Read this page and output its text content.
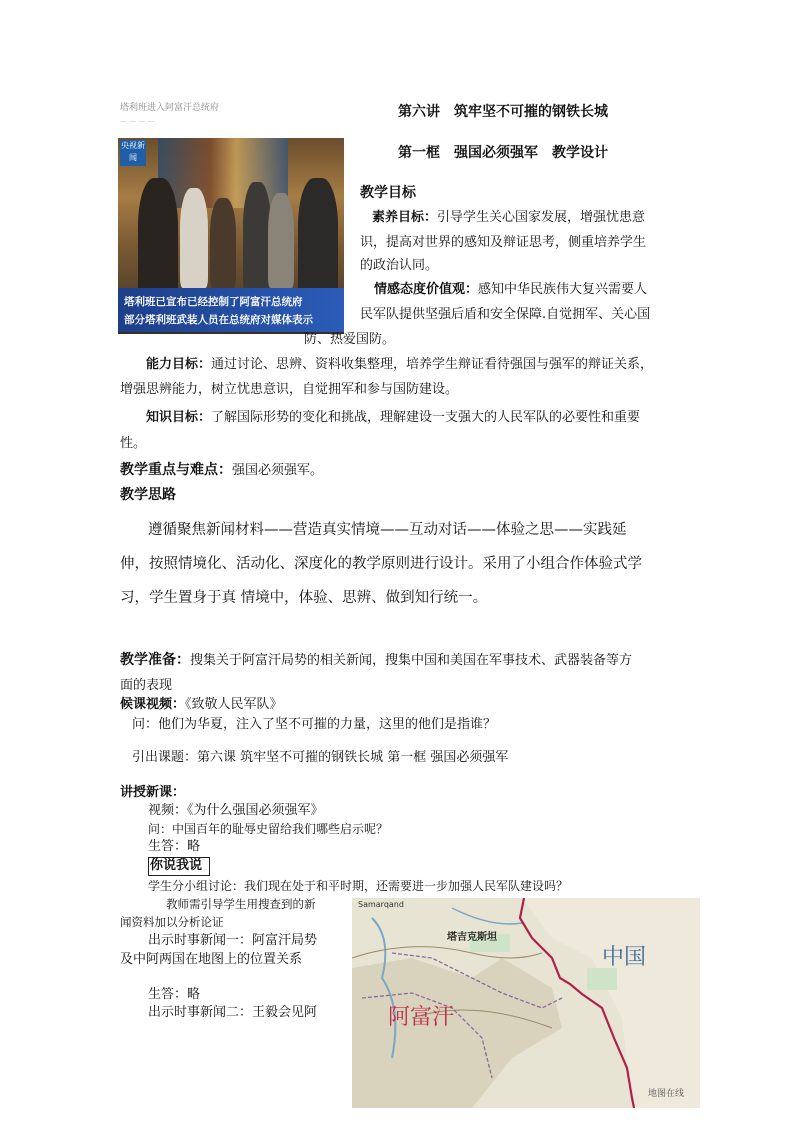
塔利班进入阿富汗总统府
— — — —
央视新闻
塔利班已宣布已经控制了阿富汗总统府
部分塔利班武装人员在总统府对媒体表示
第六讲　筑牢坚不可摧的钢铁长城
第一框　强国必须强军　教学设计
教学目标
素养目标：引导学生关心国家发展，增强忧患意
识，提高对世界的感知及辩证思考，侧重培养学生
的政治认同。
情感态度价值观：感知中华民族伟大复兴需要人
民军队提供坚强后盾和安全保障.自觉拥军、关心国
防、热爱国防。
能力目标：通过讨论、思辨、资料收集整理，培养学生辩证看待强国与强军的辩证关系，
增强思辨能力，树立忧患意识，自觉拥军和参与国防建设。
知识目标：了解国际形势的变化和挑战，理解建设一支强大的人民军队的必要性和重要
性。
教学重点与难点：强国必须强军。
教学思路
遵循聚焦新闻材料——营造真实情境——互动对话——体验之思——实践延
伸，按照情境化、活动化、深度化的教学原则进行设计。采用了小组合作体验式学
习，学生置身于真 情境中，体验、思辨、做到知行统一。
教学准备：搜集关于阿富汗局势的相关新闻，搜集中国和美国在军事技术、武器装备等方
面的表现
候课视频：《致敬人民军队》
问：他们为华夏，注入了坚不可摧的力量，这里的他们是指谁？
引出课题：第六课 筑牢坚不可摧的钢铁长城 第一框 强国必须强军
讲授新课：
视频：《为什么强国必须强军》
问：中国百年的耻辱史留给我们哪些启示呢？
生答：略
你说我说
学生分小组讨论：我们现在处于和平时期，还需要进一步加强人民军队建设吗？
教师需引导学生用搜查到的新
闻资料加以分析论证
出示时事新闻一：阿富汗局势
及中阿两国在地图上的位置关系
生答：略
出示时事新闻二：王毅会见阿
Samarqand
塔吉克斯坦
中国
阿富汗
地图在线
